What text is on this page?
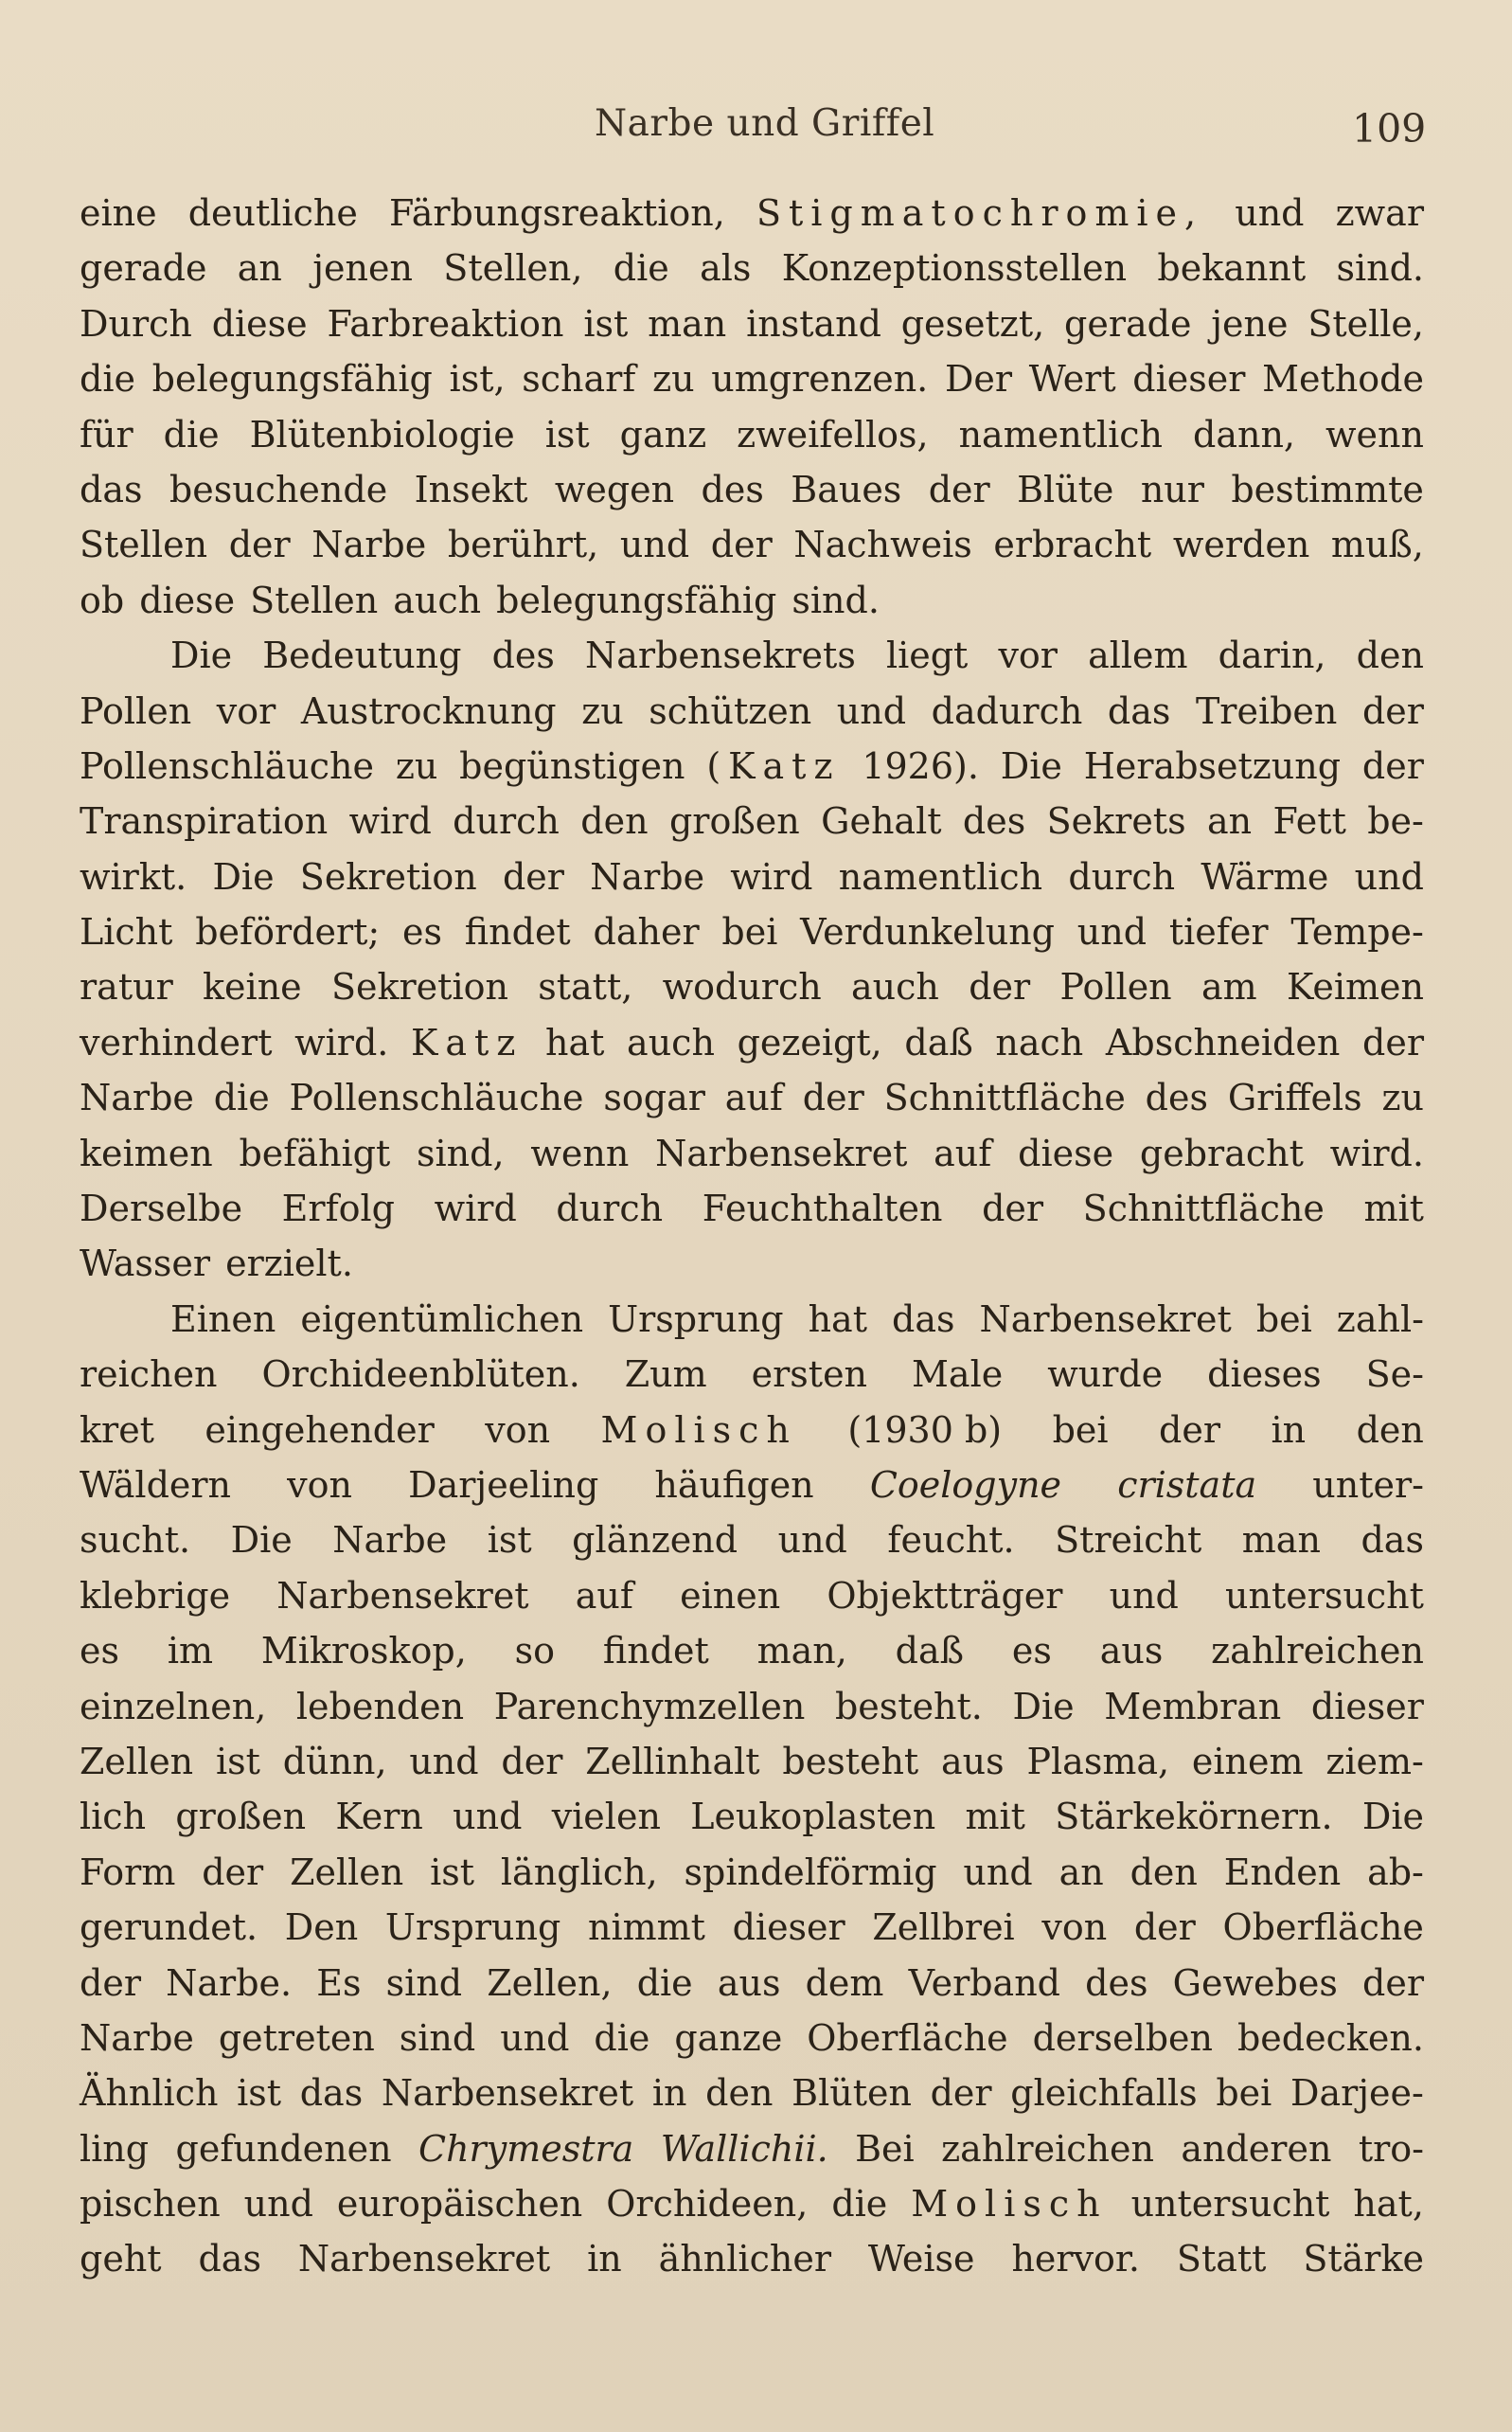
Narbe und Griffel	109
eine deutliche Färbungsreaktion, Stigmatochromie, und zwar
gerade an jenen Stellen, die als Konzeptionsstellen bekannt sind.
Durch diese Farbreaktion ist man instand gesetzt, gerade jene Stelle,
die belegungsfähig ist, scharf zu umgrenzen. Der Wert dieser Methode
für die Blütenbiologie ist ganz zweifellos, namentlich dann, wenn
das besuchende Insekt wegen des Baues der Blüte nur bestimmte
Stellen der Narbe berührt, und der Nachweis erbracht werden muß,
ob diese Stellen auch belegungsfähig sind.
Die Bedeutung des Narbensekrets liegt vor allem darin, den
Pollen vor Austrocknung zu schützen und dadurch das Treiben der
Pollenschläuche zu begünstigen (Katz 1926). Die Herabsetzung der
Transpiration wird durch den großen Gehalt des Sekrets an Fett be-
wirkt. Die Sekretion der Narbe wird namentlich durch Wärme und
Licht befördert; es findet daher bei Verdunkelung und tiefer Tempe-
ratur keine Sekretion statt, wodurch auch der Pollen am Keimen
verhindert wird. Katz hat auch gezeigt, daß nach Abschneiden der
Narbe die Pollenschläuche sogar auf der Schnittfläche des Griffels zu
keimen befähigt sind, wenn Narbensekret auf diese gebracht wird.
Derselbe Erfolg wird durch Feuchthalten der Schnittfläche mit
Wasser erzielt.
Einen eigentümlichen Ursprung hat das Narbensekret bei zahl-
reichen Orchideenblüten. Zum ersten Male wurde dieses Se-
kret eingehender von Molisch (1930 b) bei der in den
Wäldern von Darjeeling häufigen Coelogyne cristata unter-
sucht. Die Narbe ist glänzend und feucht. Streicht man das
klebrige Narbensekret auf einen Objektträger und untersucht
es im Mikroskop, so findet man, daß es aus zahlreichen
einzelnen, lebenden Parenchymzellen besteht. Die Membran dieser
Zellen ist dünn, und der Zellinhalt besteht aus Plasma, einem ziem-
lich großen Kern und vielen Leukoplasten mit Stärkekörnern. Die
Form der Zellen ist länglich, spindelförmig und an den Enden ab-
gerundet. Den Ursprung nimmt dieser Zellbrei von der Oberfläche
der Narbe. Es sind Zellen, die aus dem Verband des Gewebes der
Narbe getreten sind und die ganze Oberfläche derselben bedecken.
Ähnlich ist das Narbensekret in den Blüten der gleichfalls bei Darjee-
ling gefundenen Chrymestra Wallichii. Bei zahlreichen anderen tro-
pischen und europäischen Orchideen, die Molisch untersucht hat,
geht das Narbensekret in ähnlicher Weise hervor. Statt Stärke
